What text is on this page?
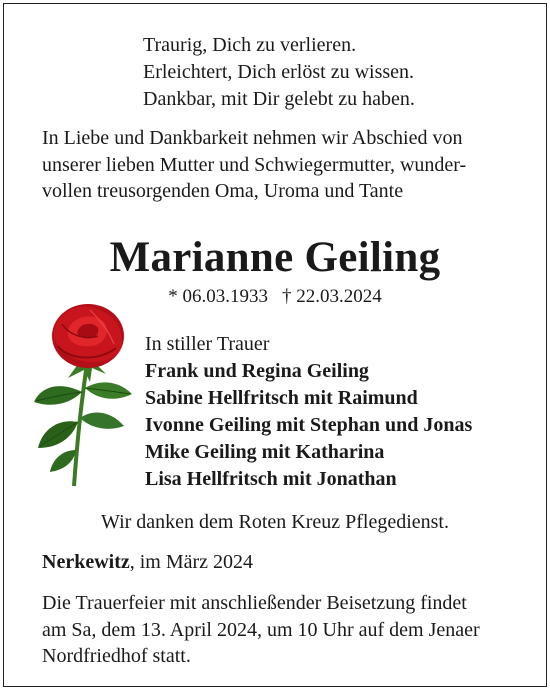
Traurig, Dich zu verlieren.
Erleichtert, Dich erlöst zu wissen.
Dankbar, mit Dir gelebt zu haben.
In Liebe und Dankbarkeit nehmen wir Abschied von
unserer lieben Mutter und Schwiegermutter, wunder-
vollen treusorgenden Oma, Uroma und Tante
Marianne Geiling
* 06.03.1933 † 22.03.2024
In stiller Trauer
Frank und Regina Geiling
Sabine Hellfritsch mit Raimund
Ivonne Geiling mit Stephan und Jonas
Mike Geiling mit Katharina
Lisa Hellfritsch mit Jonathan
Wir danken dem Roten Kreuz Pflegedienst.
Nerkewitz, im März 2024
Die Trauerfeier mit anschließender Beisetzung findet
am Sa, dem 13. April 2024, um 10 Uhr auf dem Jenaer
Nordfriedhof statt.
